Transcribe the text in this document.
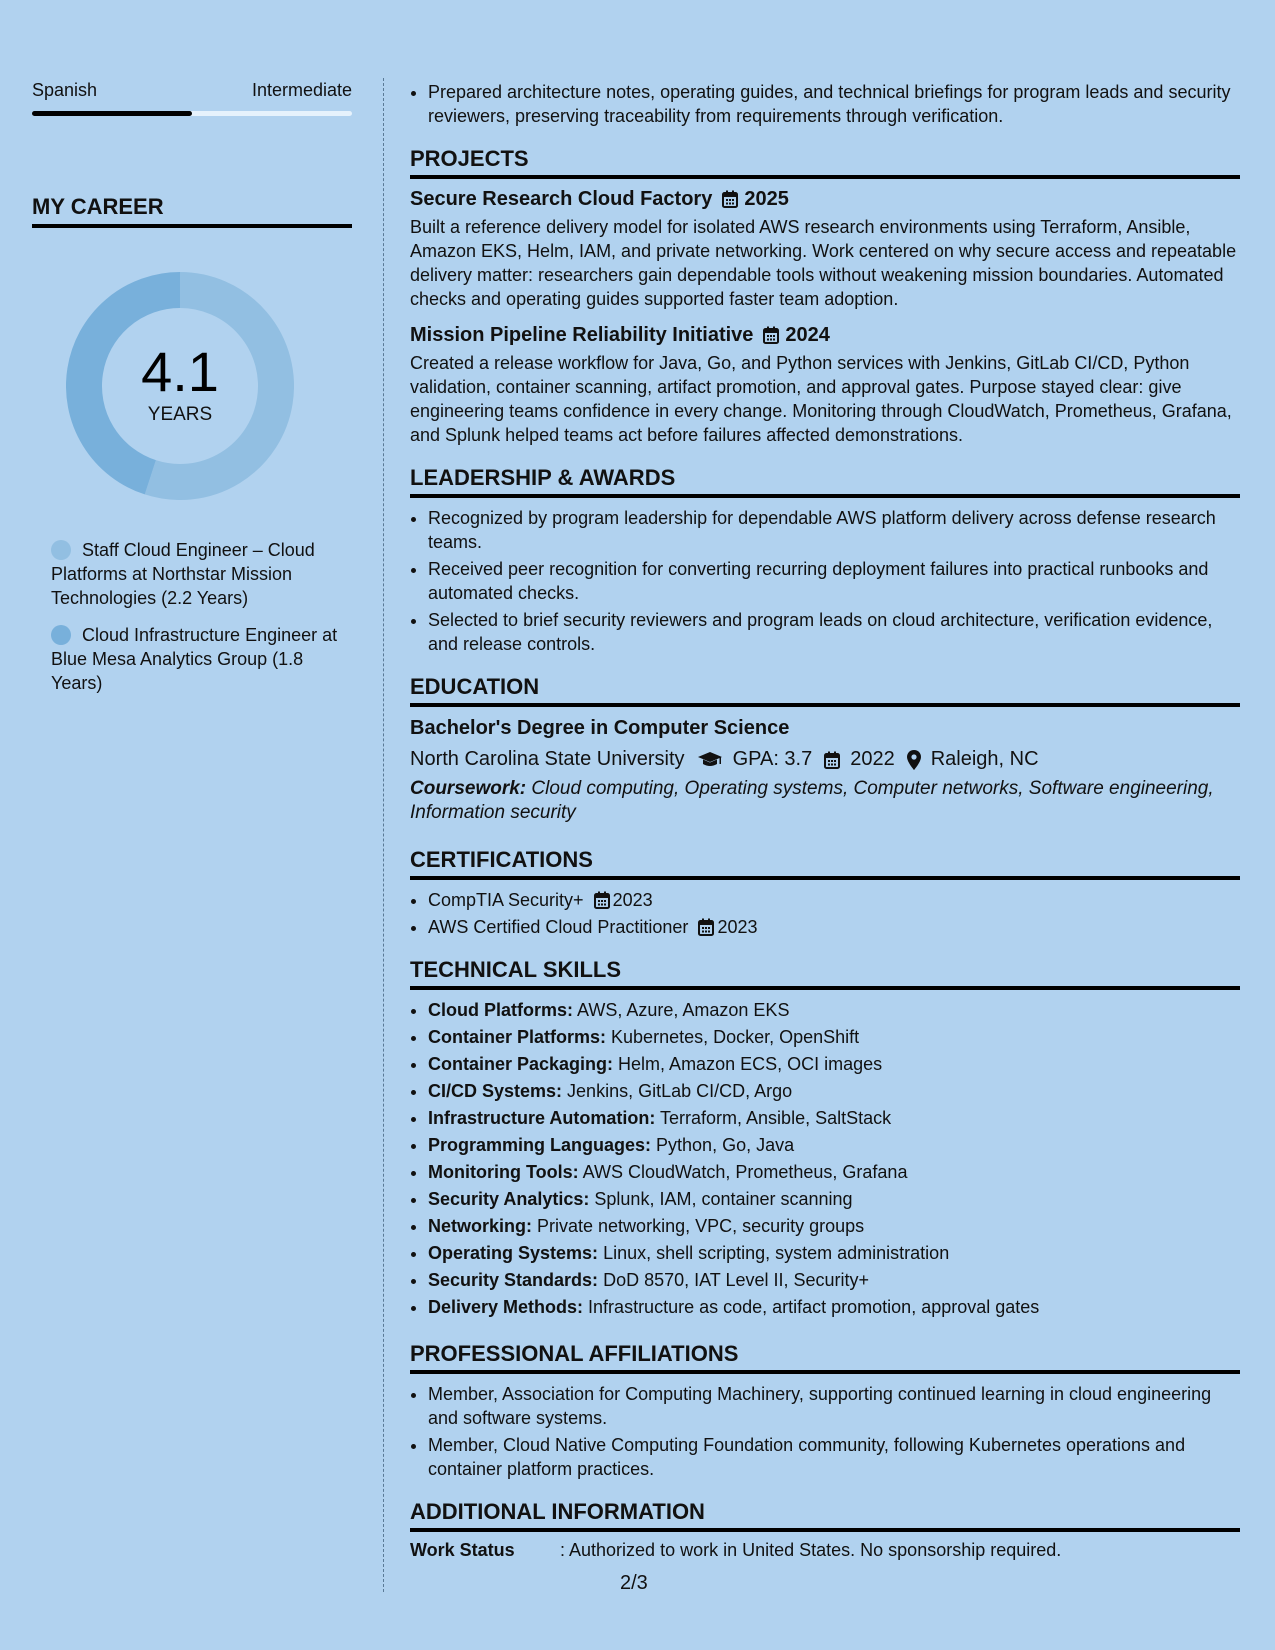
Spanish	Intermediate
MY CAREER
4.1
YEARS
Staff Cloud Engineer – Cloud Platforms at Northstar Mission Technologies (2.2 Years)
Cloud Infrastructure Engineer at Blue Mesa Analytics Group (1.8 Years)
• Prepared architecture notes, operating guides, and technical briefings for program leads and security reviewers, preserving traceability from requirements through verification.
PROJECTS
Secure Research Cloud Factory 2025
Built a reference delivery model for isolated AWS research environments using Terraform, Ansible, Amazon EKS, Helm, IAM, and private networking. Work centered on why secure access and repeatable delivery matter: researchers gain dependable tools without weakening mission boundaries. Automated checks and operating guides supported faster team adoption.
Mission Pipeline Reliability Initiative 2024
Created a release workflow for Java, Go, and Python services with Jenkins, GitLab CI/CD, Python validation, container scanning, artifact promotion, and approval gates. Purpose stayed clear: give engineering teams confidence in every change. Monitoring through CloudWatch, Prometheus, Grafana, and Splunk helped teams act before failures affected demonstrations.
LEADERSHIP & AWARDS
• Recognized by program leadership for dependable AWS platform delivery across defense research teams.
• Received peer recognition for converting recurring deployment failures into practical runbooks and automated checks.
• Selected to brief security reviewers and program leads on cloud architecture, verification evidence, and release controls.
EDUCATION
Bachelor's Degree in Computer Science
North Carolina State University GPA: 3.7 2022 Raleigh, NC
Coursework: Cloud computing, Operating systems, Computer networks, Software engineering, Information security
CERTIFICATIONS
• CompTIA Security+ 2023
• AWS Certified Cloud Practitioner 2023
TECHNICAL SKILLS
• Cloud Platforms: AWS, Azure, Amazon EKS
• Container Platforms: Kubernetes, Docker, OpenShift
• Container Packaging: Helm, Amazon ECS, OCI images
• CI/CD Systems: Jenkins, GitLab CI/CD, Argo
• Infrastructure Automation: Terraform, Ansible, SaltStack
• Programming Languages: Python, Go, Java
• Monitoring Tools: AWS CloudWatch, Prometheus, Grafana
• Security Analytics: Splunk, IAM, container scanning
• Networking: Private networking, VPC, security groups
• Operating Systems: Linux, shell scripting, system administration
• Security Standards: DoD 8570, IAT Level II, Security+
• Delivery Methods: Infrastructure as code, artifact promotion, approval gates
PROFESSIONAL AFFILIATIONS
• Member, Association for Computing Machinery, supporting continued learning in cloud engineering and software systems.
• Member, Cloud Native Computing Foundation community, following Kubernetes operations and container platform practices.
ADDITIONAL INFORMATION
Work Status	: Authorized to work in United States. No sponsorship required.
2/3
